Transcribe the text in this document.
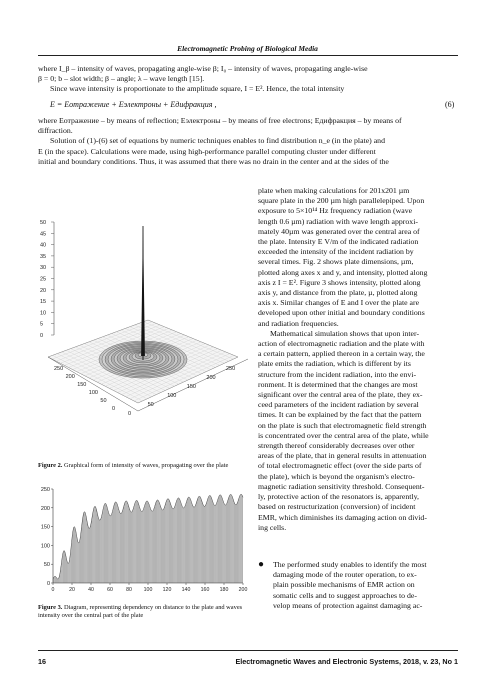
Electromagnetic Probing of Biological Media

where I_β – intensity of waves, propagating angle-wise β; I₀ – intensity of waves, propagating angle-wise

β = 0; b – slot width; β – angle; λ – wave length [15].

Since wave intensity is proportionate to the amplitude square, I = E². Hence, the total intensity

E = Eотражение + Eэлектроны + Eдифракция ,	(6)

where Eотражение – by means of reflection; Eэлектроны – by means of free electrons; Eдифракция – by means of

diffraction.

Solution of (1)-(6) set of equations by numeric techniques enables to find distribution n_e (in the plate) and

E (in the space). Calculations were made, using high-performance parallel computing cluster under different

initial and boundary conditions. Thus, it was assumed that there was no drain in the center and at the sides of the

50
45
40
35
30
25
20
15
10
5
0
250
200
150
100
50
0
0
50
100
150
200
250
Figure 2. Graphical form of intensity of waves, propagating over the plate
0
50
100
150
200
250
0	20	40	60	80 100 120 140 160 180 200
Figure 3. Diagram, representing dependency on distance to the plate and waves intensity over the central part of the plate

plate when making calculations for 201x201 µm

square plate in the 200 µm high parallelepiped. Upon

exposure to 5×10¹⁴ Hz frequency radiation (wave

length 0.6 µm) radiation with wave length approxi-

mately 40µm was generated over the central area of

the plate. Intensity E V/m of the indicated radiation

exceeded the intensity of the incident radiation by

several times. Fig. 2 shows plate dimensions, µm,

plotted along axes x and y, and intensity, plotted along

axis z I = E². Figure 3 shows intensity, plotted along

axis y, and distance from the plate, µ, plotted along

axis x. Similar changes of E and I over the plate are

developed upon other initial and boundary conditions

and radiation frequencies.

Mathematical simulation shows that upon inter-

action of electromagnetic radiation and the plate with

a certain pattern, applied thereon in a certain way, the

plate emits the radiation, which is different by its

structure from the incident radiation, into the envi-

ronment. It is determined that the changes are most

significant over the central area of the plate, they ex-

ceed parameters of the incident radiation by several

times. It can be explained by the fact that the pattern

on the plate is such that electromagnetic field strength

is concentrated over the central area of the plate, while

strength thereof considerably decreases over other

areas of the plate, that in general results in attenuation

of total electromagnetic effect (over the side parts of

the plate), which is beyond the organism's electro-

magnetic radiation sensitivity threshold. Consequent-

ly, protective action of the resonators is, apparently,

based on restructurization (conversion) of incident

EMR, which diminishes its damaging action on divid-

ing cells.

● The performed study enables to identify the most

damaging mode of the router operation, to ex-

plain possible mechanisms of EMR action on

somatic cells and to suggest approaches to de-

velop means of protection against damaging ac-

16	Electromagnetic Waves and Electronic Systems, 2018, v. 23, No 1
